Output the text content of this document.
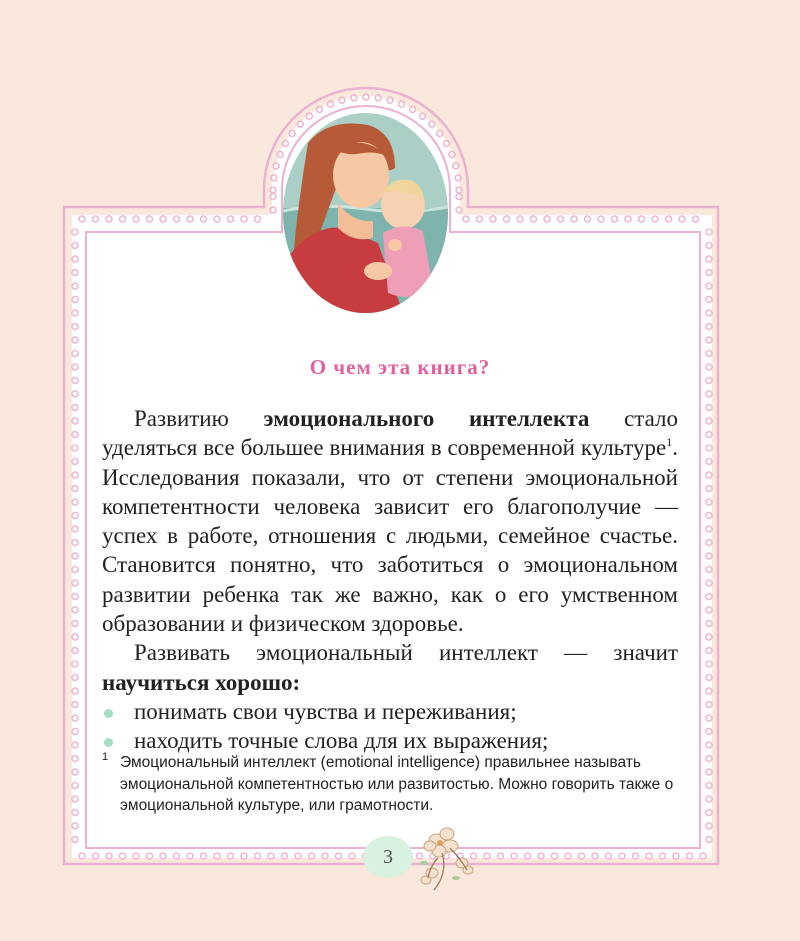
О чем эта книга?

Развитию эмоционального интеллекта стало уделяться все большее внимания в современной культуре$^1$. Исследования показали, что от степени эмоциональной компетентности человека зависит его благополучие — успех в работе, отношения с людьми, семейное счастье. Становится понятно, что заботиться о эмоциональном развитии ребенка так же важно, как о его умственном образовании и физическом здоровье.

Развивать эмоциональный интеллект — значит научиться хорошо:

понимать свои чувства и переживания;
находить точные слова для их выражения;
1 Эмоциональный интеллект (emotional intelligence) правильнее называть эмоциональной компетентностью или развитостью. Можно говорить также о эмоциональной культуре, или грамотности.
3
